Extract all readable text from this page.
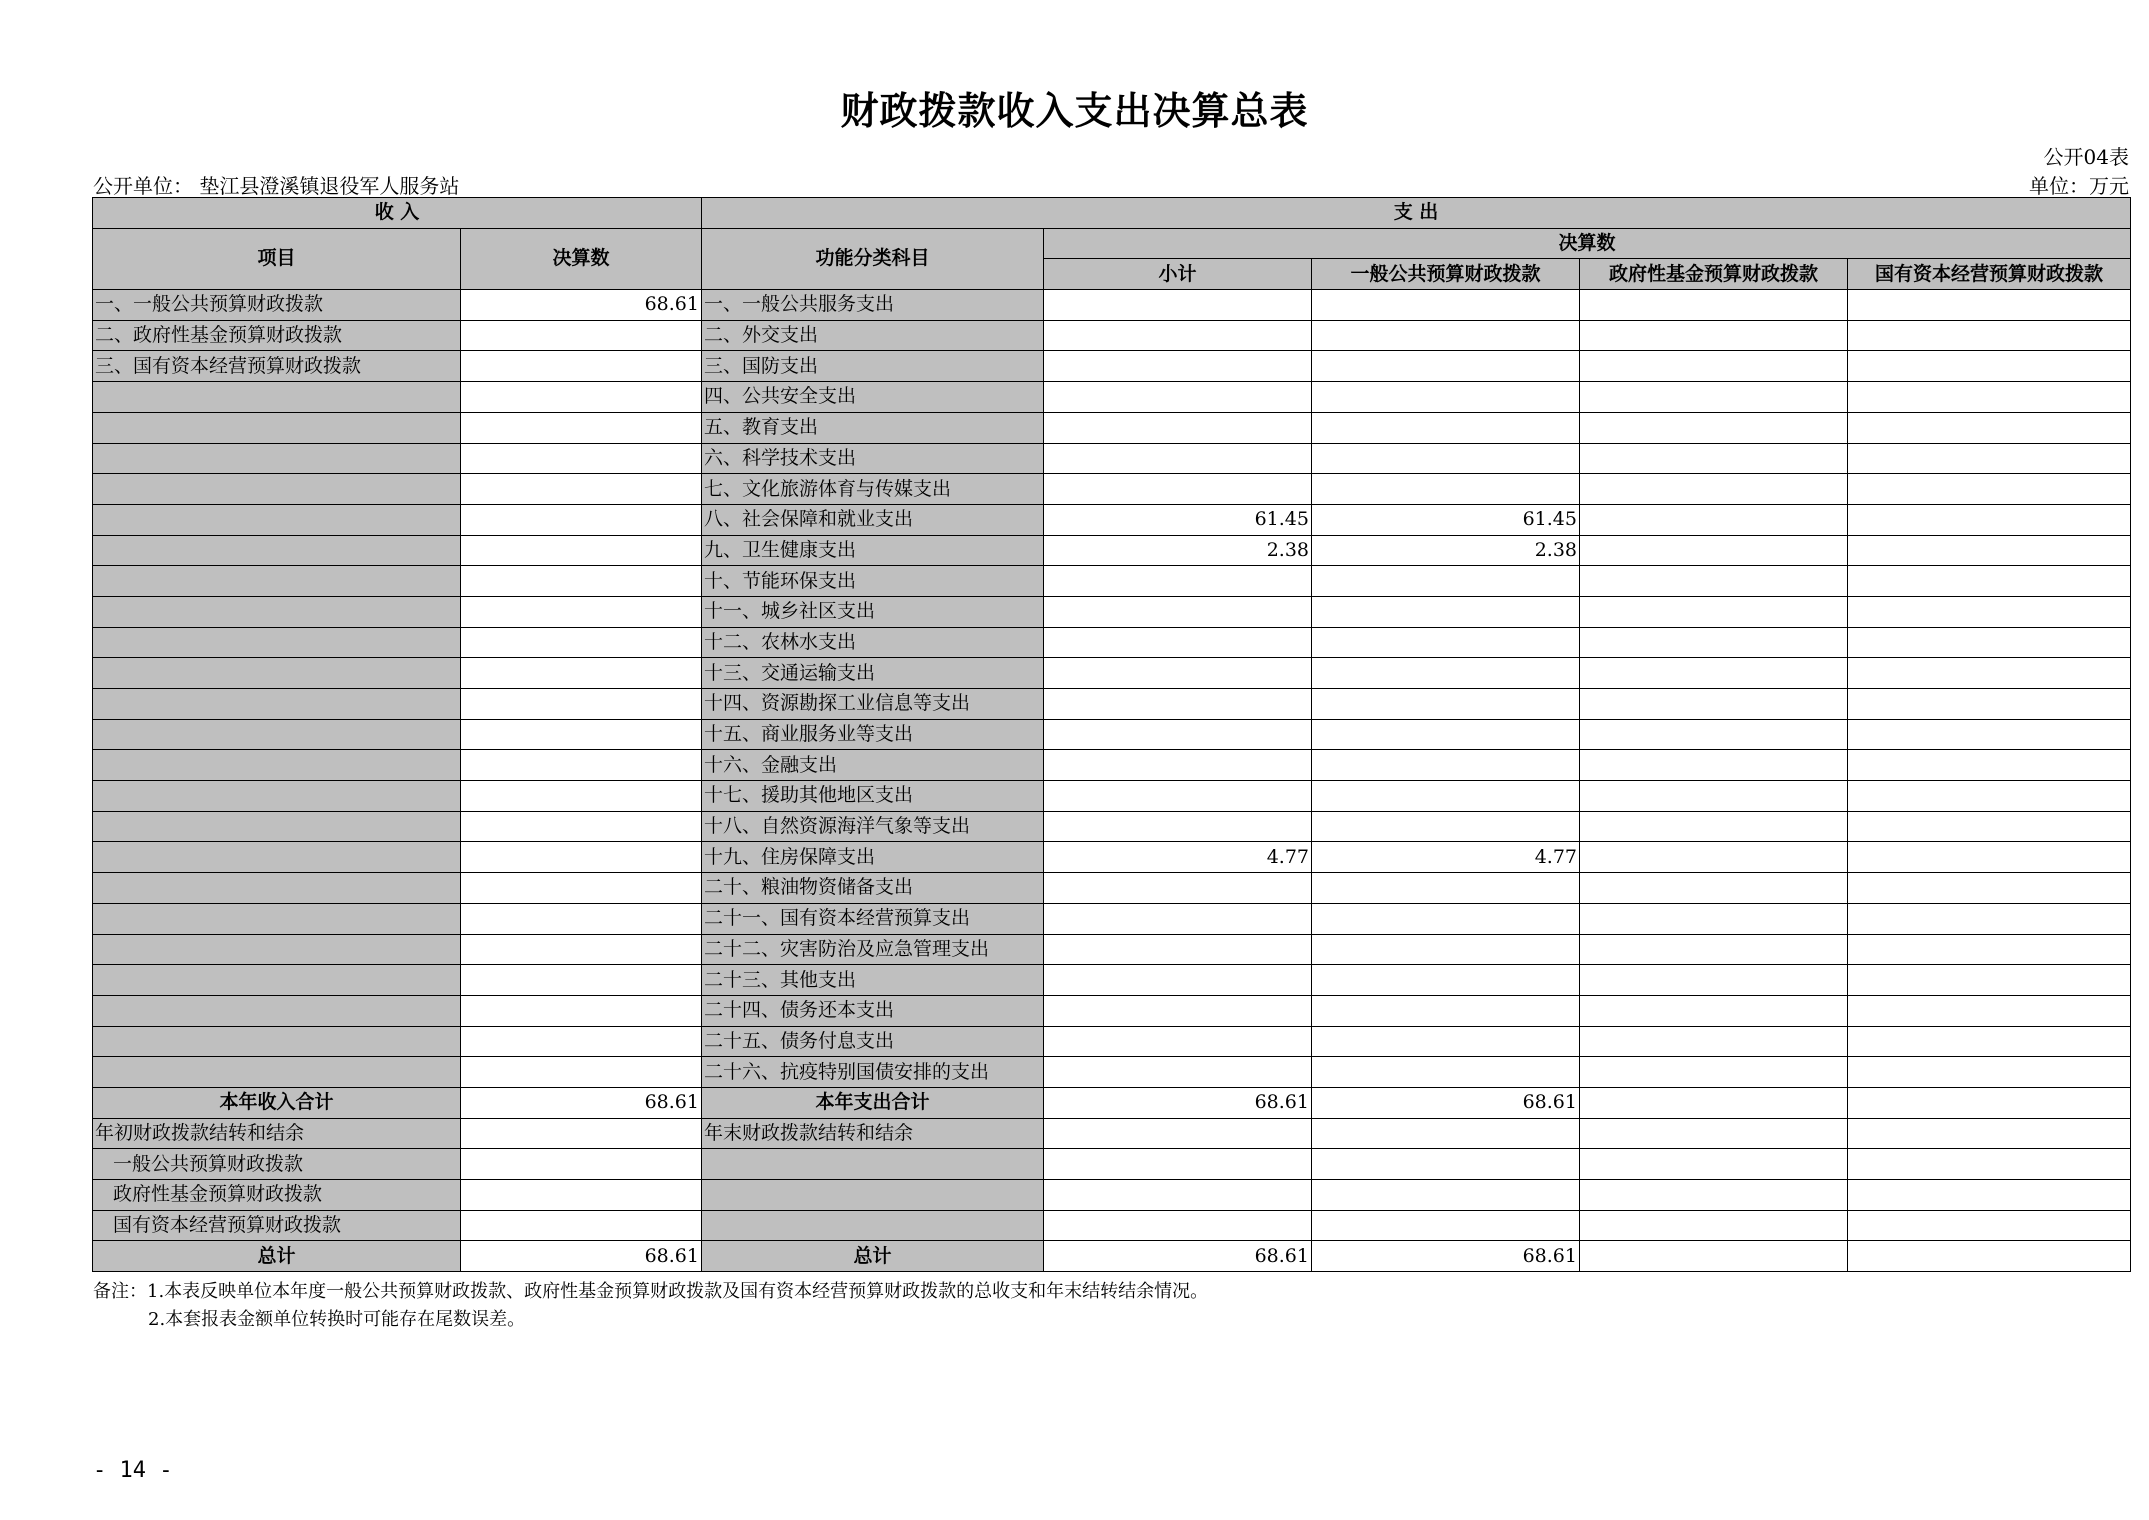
财政拨款收入支出决算总表
公开04表
公开单位： 垫江县澄溪镇退役军人服务站	单位：万元
收 入		支 出				
项目	决算数	功能分类科目	决算数			
			小计	一般公共预算财政拨款	政府性基金预算财政拨款	国有资本经营预算财政拨款
一、一般公共预算财政拨款	68.61	一、一般公共服务支出				
二、政府性基金预算财政拨款		二、外交支出				
三、国有资本经营预算财政拨款		三、国防支出				
		四、公共安全支出				
		五、教育支出				
		六、科学技术支出				
		七、文化旅游体育与传媒支出				
		八、社会保障和就业支出	61.45	61.45		
		九、卫生健康支出	2.38	2.38		
		十、节能环保支出				
		十一、城乡社区支出				
		十二、农林水支出				
		十三、交通运输支出				
		十四、资源勘探工业信息等支出				
		十五、商业服务业等支出				
		十六、金融支出				
		十七、援助其他地区支出				
		十八、自然资源海洋气象等支出				
		十九、住房保障支出	4.77	4.77		
		二十、粮油物资储备支出				
		二十一、国有资本经营预算支出				
		二十二、灾害防治及应急管理支出				
		二十三、其他支出				
		二十四、债务还本支出				
		二十五、债务付息支出				
		二十六、抗疫特别国债安排的支出				
本年收入合计	68.61	本年支出合计	68.61	68.61		
年初财政拨款结转和结余		年末财政拨款结转和结余				
一般公共预算财政拨款						
政府性基金预算财政拨款						
国有资本经营预算财政拨款						
总计	68.61	总计	68.61	68.61		
备注：1.本表反映单位本年度一般公共预算财政拨款、政府性基金预算财政拨款及国有资本经营预算财政拨款的总收支和年末结转结余情况。
2.本套报表金额单位转换时可能存在尾数误差。
- 14 -
